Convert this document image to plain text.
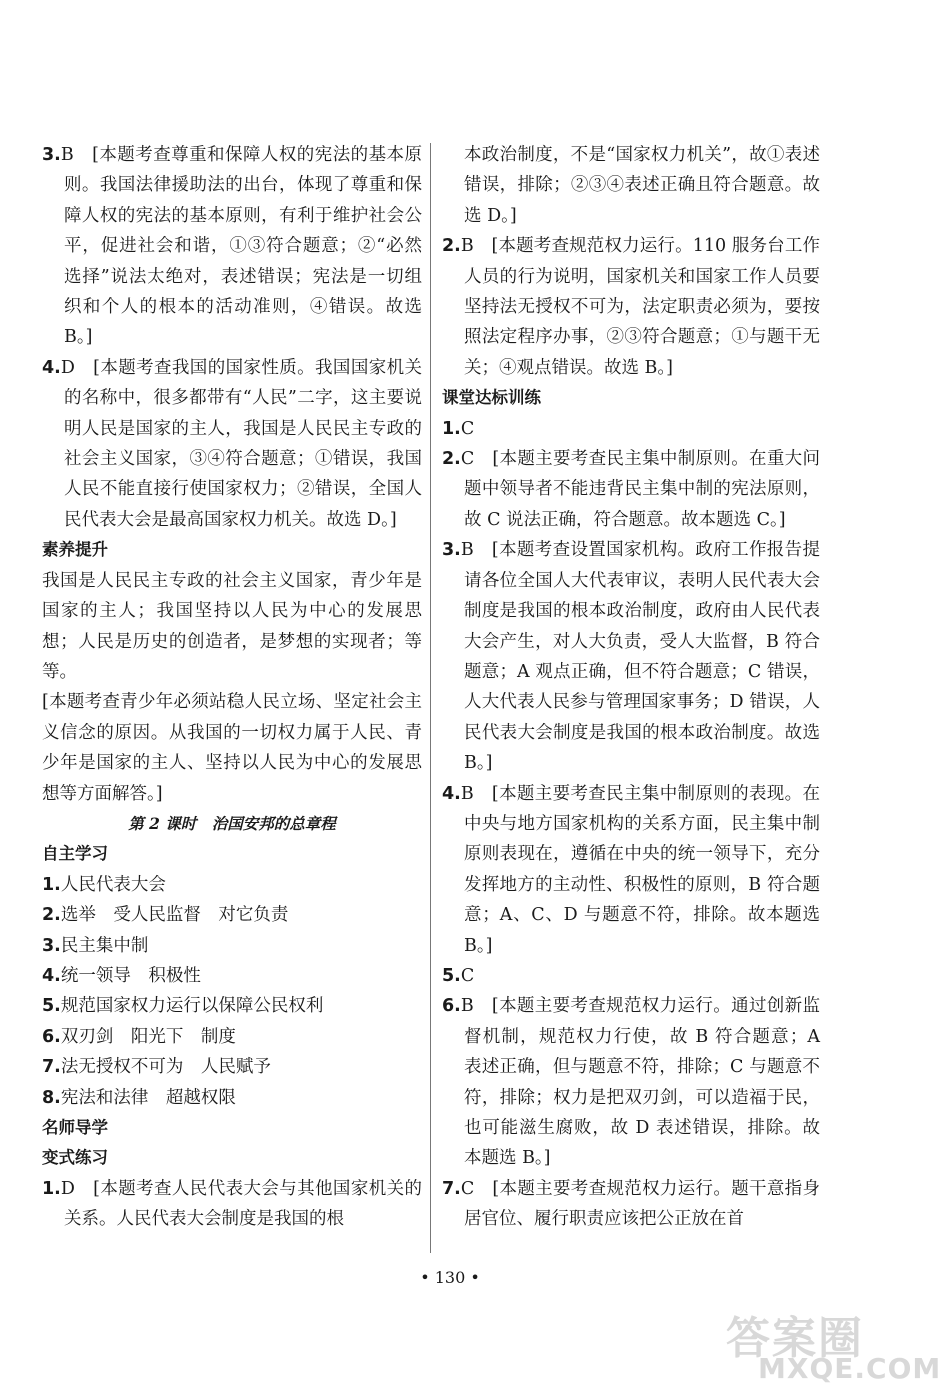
3.B　[本题考查尊重和保障人权的宪法的基本原则。我国法律援助法的出台，体现了尊重和保障人权的宪法的基本原则，有利于维护社会公平，促进社会和谐，①③符合题意；②“必然选择”说法太绝对，表述错误；宪法是一切组织和个人的根本的活动准则，④错误。故选 B。]
4.D　[本题考查我国的国家性质。我国国家机关的名称中，很多都带有“人民”二字，这主要说明人民是国家的主人，我国是人民民主专政的社会主义国家，③④符合题意；①错误，我国人民不能直接行使国家权力；②错误，全国人民代表大会是最高国家权力机关。故选 D。]
素养提升
我国是人民民主专政的社会主义国家，青少年是国家的主人；我国坚持以人民为中心的发展思想；人民是历史的创造者，是梦想的实现者；等等。
[本题考查青少年必须站稳人民立场、坚定社会主义信念的原因。从我国的一切权力属于人民、青少年是国家的主人、坚持以人民为中心的发展思想等方面解答。]
第 2 课时　治国安邦的总章程
自主学习
1.人民代表大会
2.选举　受人民监督　对它负责
3.民主集中制
4.统一领导　积极性
5.规范国家权力运行以保障公民权利
6.双刃剑　阳光下　制度
7.法无授权不可为　人民赋予
8.宪法和法律　超越权限
名师导学
变式练习
1.D　[本题考查人民代表大会与其他国家机关的关系。人民代表大会制度是我国的根
本政治制度，不是“国家权力机关”，故①表述错误，排除；②③④表述正确且符合题意。故选 D。]
2.B　[本题考查规范权力运行。110 服务台工作人员的行为说明，国家机关和国家工作人员要坚持法无授权不可为，法定职责必须为，要按照法定程序办事，②③符合题意；①与题干无关；④观点错误。故选 B。]
课堂达标训练
1.C
2.C　[本题主要考查民主集中制原则。在重大问题中领导者不能违背民主集中制的宪法原则，故 C 说法正确，符合题意。故本题选 C。]
3.B　[本题考查设置国家机构。政府工作报告提请各位全国人大代表审议，表明人民代表大会制度是我国的根本政治制度，政府由人民代表大会产生，对人大负责，受人大监督，B 符合题意；A 观点正确，但不符合题意；C 错误，人大代表人民参与管理国家事务；D 错误，人民代表大会制度是我国的根本政治制度。故选 B。]
4.B　[本题主要考查民主集中制原则的表现。在中央与地方国家机构的关系方面，民主集中制原则表现在，遵循在中央的统一领导下，充分发挥地方的主动性、积极性的原则，B 符合题意；A、C、D 与题意不符，排除。故本题选 B。]
5.C
6.B　[本题主要考查规范权力运行。通过创新监督机制，规范权力行使，故 B 符合题意；A 表述正确，但与题意不符，排除；C 与题意不符，排除；权力是把双刃剑，可以造福于民，也可能滋生腐败，故 D 表述错误，排除。故本题选 B。]
7.C　[本题主要考查规范权力运行。题干意指身居官位、履行职责应该把公正放在首
• 130 •
答案圈
MXQE.COM
